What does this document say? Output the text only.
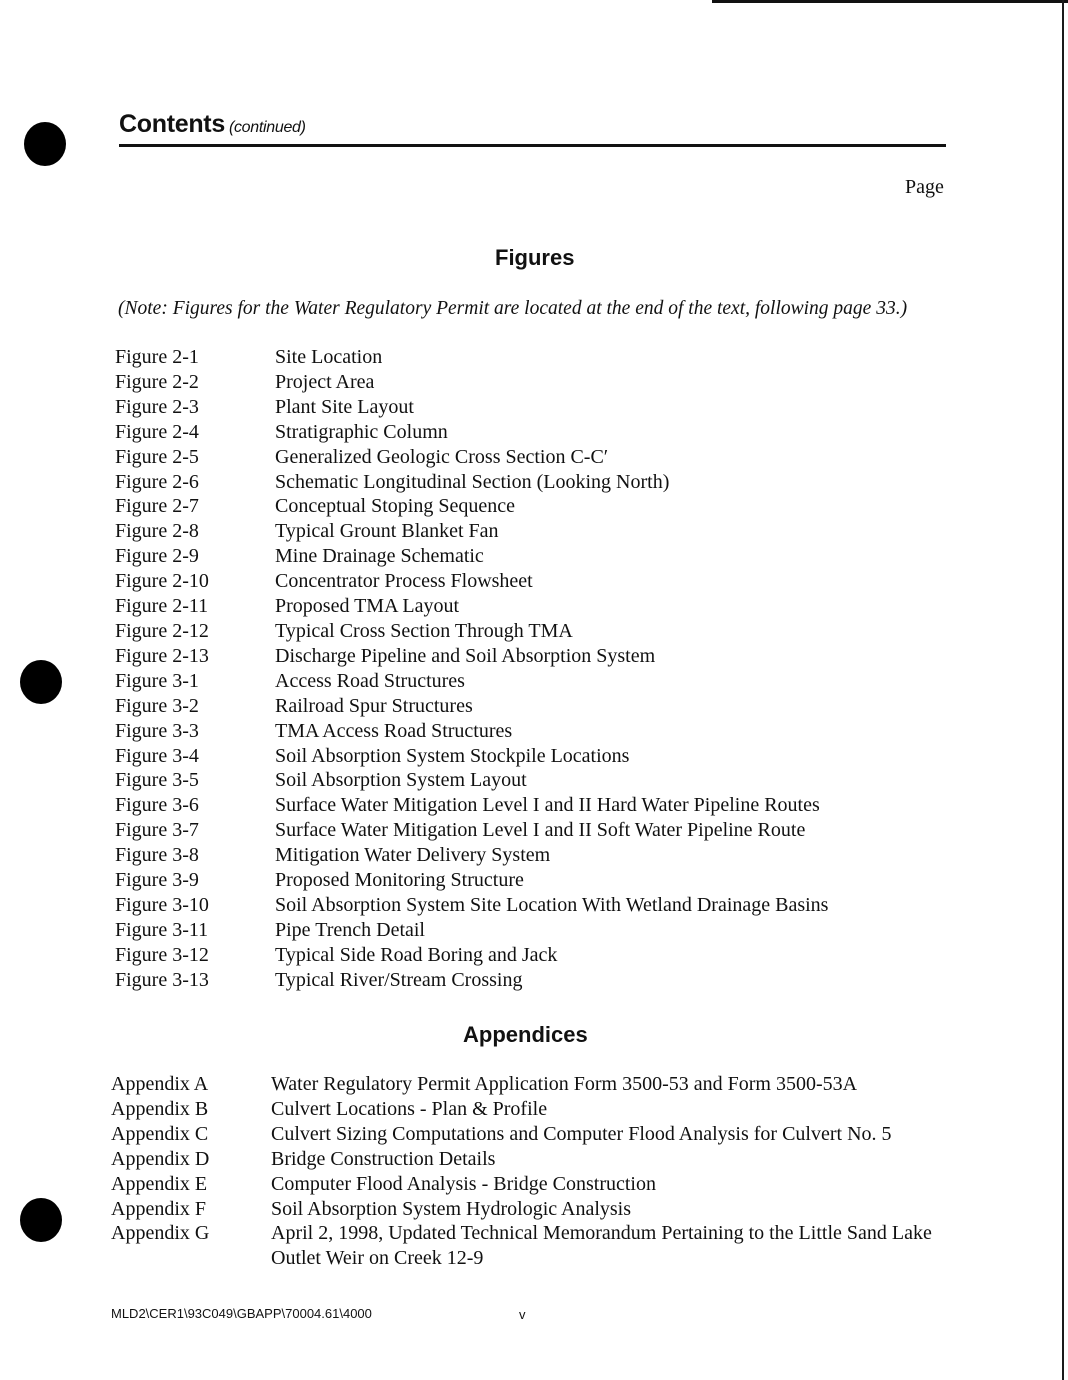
Contents (continued)
Page
Figures
(Note: Figures for the Water Regulatory Permit are located at the end of the text, following page 33.)
Figure 2-1	Site Location
Figure 2-2	Project Area
Figure 2-3	Plant Site Layout
Figure 2-4	Stratigraphic Column
Figure 2-5	Generalized Geologic Cross Section C-C′
Figure 2-6	Schematic Longitudinal Section (Looking North)
Figure 2-7	Conceptual Stoping Sequence
Figure 2-8	Typical Grount Blanket Fan
Figure 2-9	Mine Drainage Schematic
Figure 2-10	Concentrator Process Flowsheet
Figure 2-11	Proposed TMA Layout
Figure 2-12	Typical Cross Section Through TMA
Figure 2-13	Discharge Pipeline and Soil Absorption System
Figure 3-1	Access Road Structures
Figure 3-2	Railroad Spur Structures
Figure 3-3	TMA Access Road Structures
Figure 3-4	Soil Absorption System Stockpile Locations
Figure 3-5	Soil Absorption System Layout
Figure 3-6	Surface Water Mitigation Level I and II Hard Water Pipeline Routes
Figure 3-7	Surface Water Mitigation Level I and II Soft Water Pipeline Route
Figure 3-8	Mitigation Water Delivery System
Figure 3-9	Proposed Monitoring Structure
Figure 3-10	Soil Absorption System Site Location With Wetland Drainage Basins
Figure 3-11	Pipe Trench Detail
Figure 3-12	Typical Side Road Boring and Jack
Figure 3-13	Typical River/Stream Crossing
Appendices
Appendix A	Water Regulatory Permit Application Form 3500-53 and Form 3500-53A
Appendix B	Culvert Locations - Plan & Profile
Appendix C	Culvert Sizing Computations and Computer Flood Analysis for Culvert No. 5
Appendix D	Bridge Construction Details
Appendix E	Computer Flood Analysis - Bridge Construction
Appendix F	Soil Absorption System Hydrologic Analysis
Appendix G	April 2, 1998, Updated Technical Memorandum Pertaining to the Little Sand Lake Outlet Weir on Creek 12-9
MLD2\CER1\93C049\GBAPP\70004.61\4000	v
